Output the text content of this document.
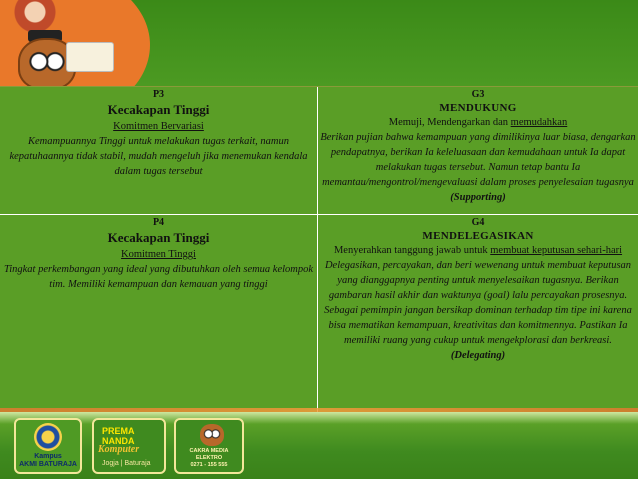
P3
Kecakapan Tinggi
Komitmen Bervariasi
Kemampuannya Tinggi untuk melakukan tugas terkait, namun kepatuhaannya tidak stabil, mudah mengeluh jika menemukan kendala dalam tugas tersebut
G3
MENDUKUNG
Memuji, Mendengarkan dan memudahkan
Berikan pujian bahwa kemampuan yang dimilikinya luar biasa, dengarkan pendapatnya, berikan Ia keleluasaan dan kemudahaan untuk Ia dapat melakukan tugas tersebut. Namun tetap bantu Ia memantau/mengontrol/mengevaluasi dalam proses penyelesaian tugasnya
(Supporting)
P4
Kecakapan Tinggi
Komitmen Tinggi
Tingkat perkembangan yang ideal yang dibutuhkan oleh semua kelompok tim. Memiliki kemampuan dan kemauan yang tinggi
G4
MENDELEGASIKAN
Menyerahkan tanggung jawab untuk membuat keputusan sehari-hari
Delegasikan, percayakan, dan beri wewenang untuk membuat keputusan yang dianggapnya penting untuk menyelesaikan tugasnya. Berikan gambaran hasil akhir dan waktunya (goal) lalu percayakan prosesnya. Sebagai pemimpin jangan bersikap dominan terhadap tim tipe ini karena bisa mematikan kemampuan, kreativitas dan komitmennya. Pastikan Ia memiliki ruang yang cukup untuk mengekplorasi dan berkreasi.
(Delegating)
Kampus
AKMI BATURAJA
PREMA
NANDA
Komputer
Jogja | Baturaja
CAKRA MEDIA
ELEKTRO
0271 - 155 555
